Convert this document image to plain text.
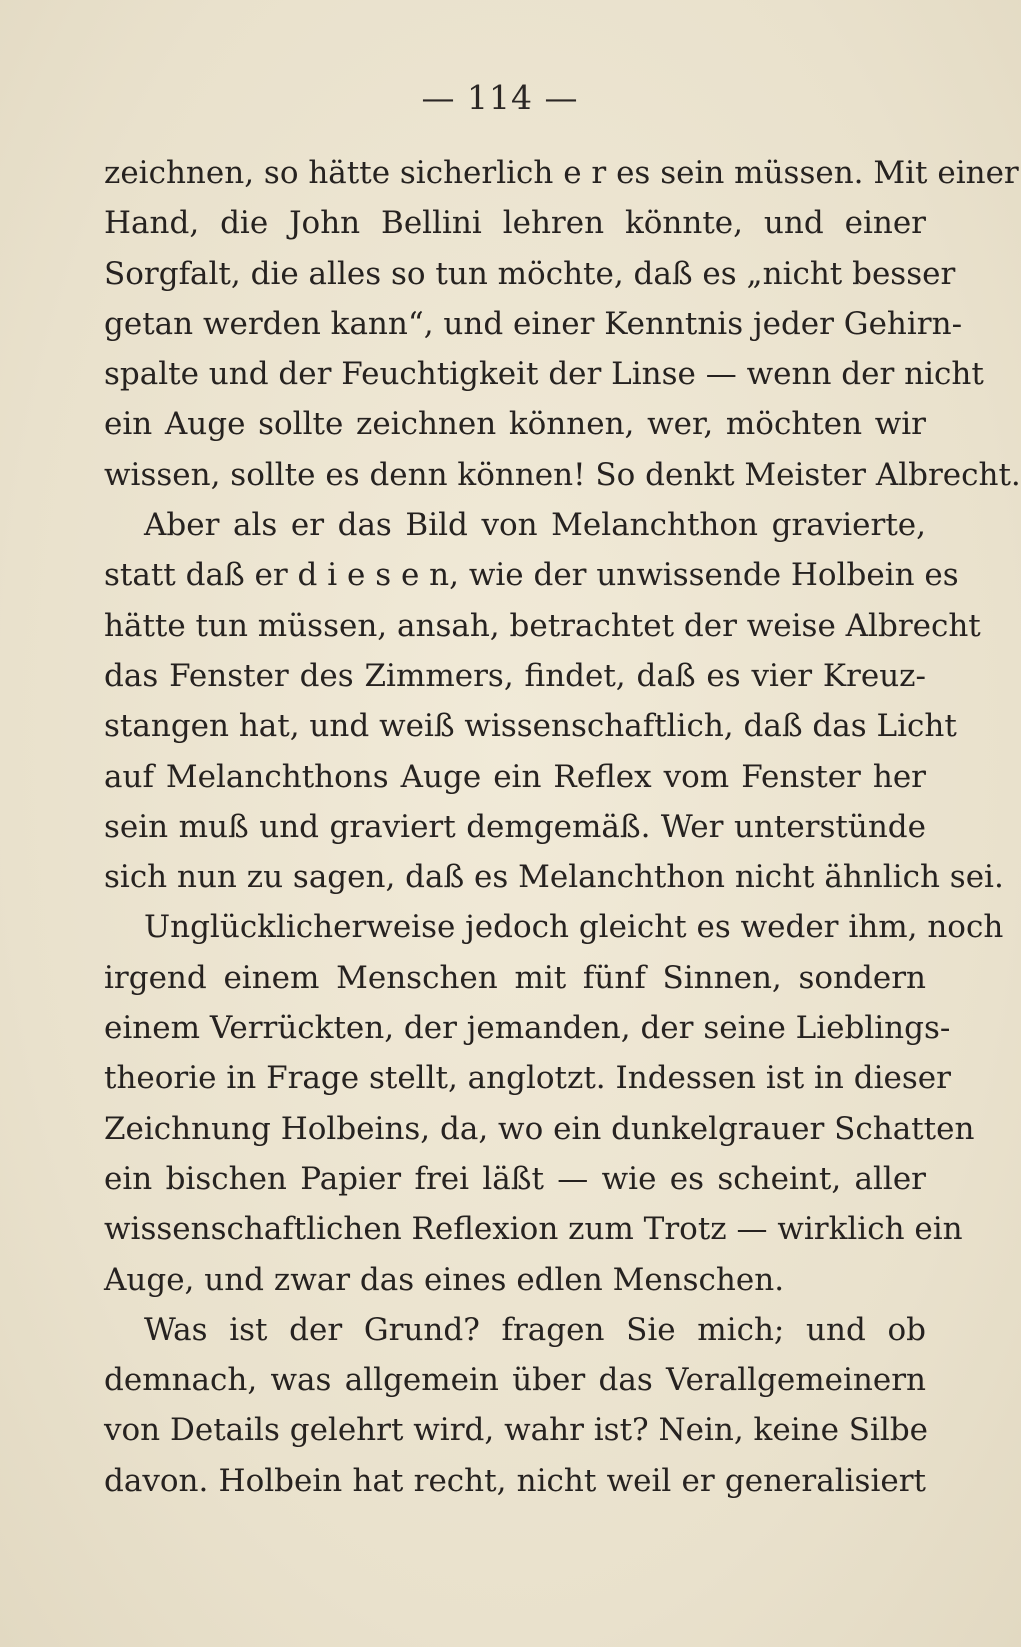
— 114 —
zeichnen, so hätte sicherlich e r es sein müssen. Mit einer
Hand, die John Bellini lehren könnte, und einer
Sorgfalt, die alles so tun möchte, daß es „nicht besser
getan werden kann“, und einer Kenntnis jeder Gehirn-
spalte und der Feuchtigkeit der Linse — wenn der nicht
ein Auge sollte zeichnen können, wer, möchten wir
wissen, sollte es denn können! So denkt Meister Albrecht.
Aber als er das Bild von Melanchthon gravierte,
statt daß er d i e s e n, wie der unwissende Holbein es
hätte tun müssen, ansah, betrachtet der weise Albrecht
das Fenster des Zimmers, findet, daß es vier Kreuz-
stangen hat, und weiß wissenschaftlich, daß das Licht
auf Melanchthons Auge ein Reflex vom Fenster her
sein muß und graviert demgemäß. Wer unterstünde
sich nun zu sagen, daß es Melanchthon nicht ähnlich sei.
Unglücklicherweise jedoch gleicht es weder ihm, noch
irgend einem Menschen mit fünf Sinnen, sondern
einem Verrückten, der jemanden, der seine Lieblings-
theorie in Frage stellt, anglotzt. Indessen ist in dieser
Zeichnung Holbeins, da, wo ein dunkelgrauer Schatten
ein bischen Papier frei läßt — wie es scheint, aller
wissenschaftlichen Reflexion zum Trotz — wirklich ein
Auge, und zwar das eines edlen Menschen.
Was ist der Grund? fragen Sie mich; und ob
demnach, was allgemein über das Verallgemeinern
von Details gelehrt wird, wahr ist? Nein, keine Silbe
davon. Holbein hat recht, nicht weil er generalisiert
